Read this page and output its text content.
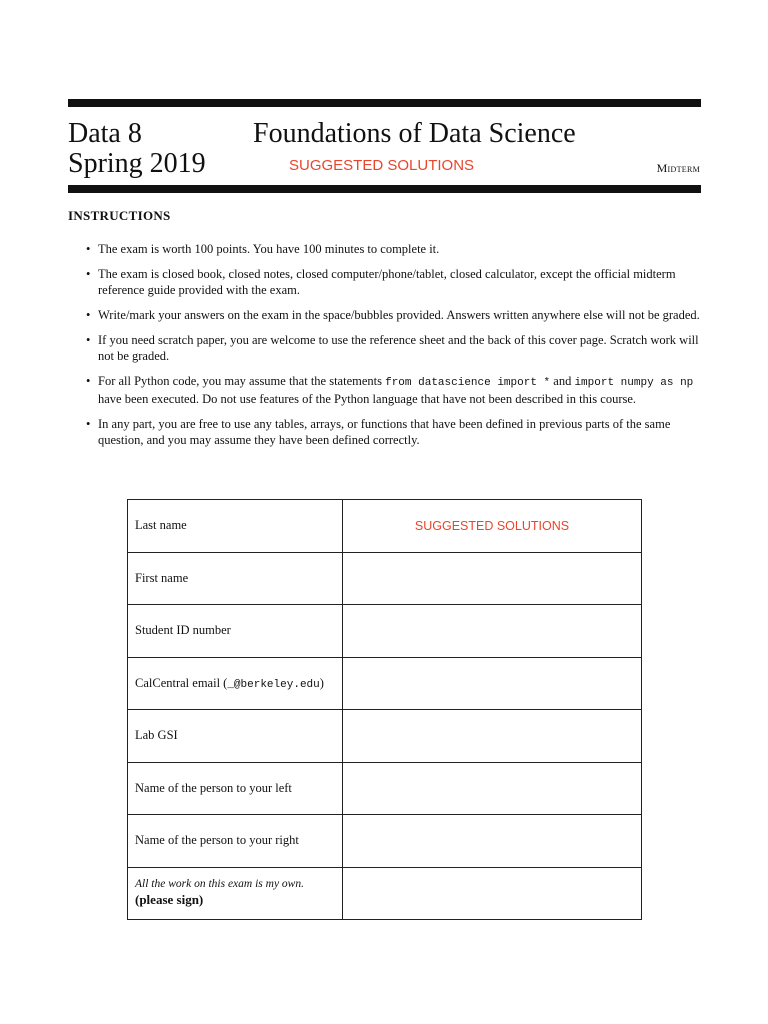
Data 8
Spring 2019
Foundations of Data Science
SUGGESTED SOLUTIONS	Midterm
INSTRUCTIONS
• The exam is worth 100 points. You have 100 minutes to complete it.
• The exam is closed book, closed notes, closed computer/phone/tablet, closed calculator, except the official midterm reference guide provided with the exam.
• Write/mark your answers on the exam in the space/bubbles provided. Answers written anywhere else will not be graded.
• If you need scratch paper, you are welcome to use the reference sheet and the back of this cover page. Scratch work will not be graded.
• For all Python code, you may assume that the statements from datascience import * and import numpy as np have been executed. Do not use features of the Python language that have not been described in this course.
• In any part, you are free to use any tables, arrays, or functions that have been defined in previous parts of the same question, and you may assume they have been defined correctly.
Last name	SUGGESTED SOLUTIONS
First name	
Student ID number	
CalCentral email (_@berkeley.edu)	
Lab GSI	
Name of the person to your left	
Name of the person to your right	

All the work on this exam is my own.
(please sign)	
